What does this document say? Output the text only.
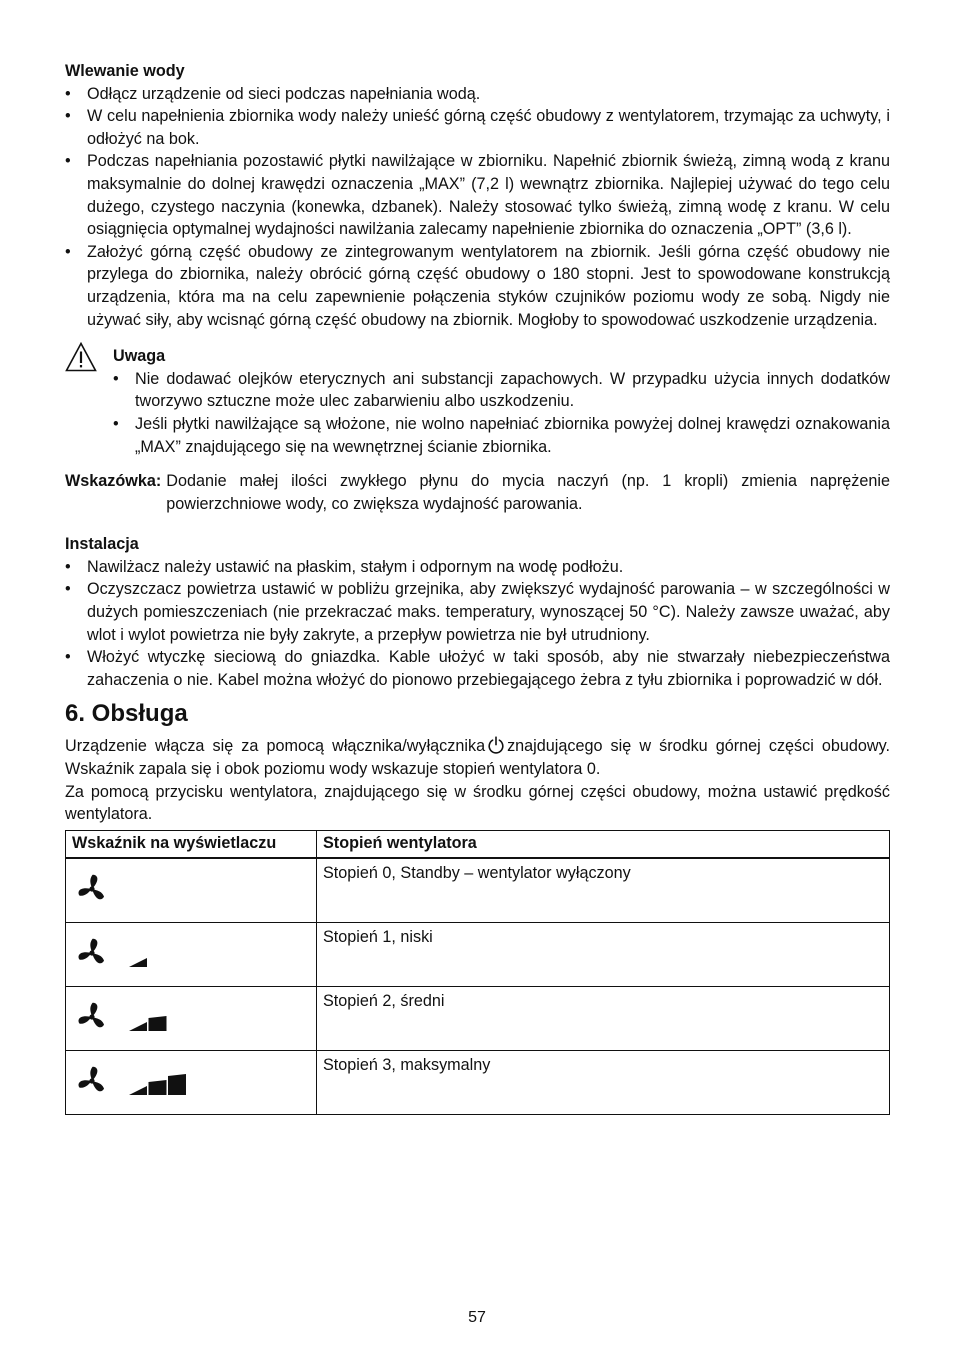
Wlewanie wody

• Odłącz urządzenie od sieci podczas napełniania wodą.
• W celu napełnienia zbiornika wody należy unieść górną część obudowy z wentylatorem, trzymając za uchwyty, i odłożyć na bok.
• Podczas napełniania pozostawić płytki nawilżające w zbiorniku. Napełnić zbiornik świeżą, zimną wodą z kranu maksymalnie do dolnej krawędzi oznaczenia „MAX” (7,2 l) wewnątrz zbiornika. Najlepiej używać do tego celu dużego, czystego naczynia (konewka, dzbanek). Należy stosować tylko świeżą, zimną wodę z kranu. W celu osiągnięcia optymalnej wydajności nawilżania zalecamy napełnienie zbiornika do oznaczenia „OPT” (3,6 l).
• Założyć górną część obudowy ze zintegrowanym wentylatorem na zbiornik. Jeśli górna część obudowy nie przylega do zbiornika, należy obrócić górną część obudowy o 180 stopni. Jest to spowodowane konstrukcją urządzenia, która ma na celu zapewnienie połączenia styków czujników poziomu wody ze sobą. Nigdy nie używać siły, aby wcisnąć górną część obudowy na zbiornik. Mogłoby to spowodować uszkodzenie urządzenia.

Uwaga

• Nie dodawać olejków eterycznych ani substancji zapachowych. W przypadku użycia innych dodatków tworzywo sztuczne może ulec zabarwieniu albo uszkodzeniu.
• Jeśli płytki nawilżające są włożone, nie wolno napełniać zbiornika powyżej dolnej krawędzi oznakowania „MAX” znajdującego się na wewnętrznej ścianie zbiornika.
Wskazówka: Dodanie małej ilości zwykłego płynu do mycia naczyń (np. 1 kropli) zmienia naprężenie powierzchniowe wody, co zwiększa wydajność parowania.

Instalacja

• Nawilżacz należy ustawić na płaskim, stałym i odpornym na wodę podłożu.
• Oczyszczacz powietrza ustawić w pobliżu grzejnika, aby zwiększyć wydajność parowania – w szczególności w dużych pomieszczeniach (nie przekraczać maks. temperatury, wynoszącej 50 °C). Należy zawsze uważać, aby wlot i wylot powietrza nie były zakryte, a przepływ powietrza nie był utrudniony.
• Włożyć wtyczkę sieciową do gniazdka. Kable ułożyć w taki sposób, aby nie stwarzały niebezpieczeństwa zahaczenia o nie. Kabel można włożyć do pionowo przebiegającego żebra z tyłu zbiornika i poprowadzić w dół.
6. Obsługa

Urządzenie włącza się za pomocą włącznika/wyłącznika znajdującego się w środku górnej części obudowy. Wskaźnik zapala się i obok poziomu wody wskazuje stopień wentylatora 0.

Za pomocą przycisku wentylatora, znajdującego się w środku górnej części obudowy, można ustawić prędkość wentylatora.

Wskaźnik na wyświetlaczu	Stopień wentylatora

	Stopień 0, Standby – wentylator wyłączony

	Stopień 1, niski

	Stopień 2, średni

	Stopień 3, maksymalny
57
